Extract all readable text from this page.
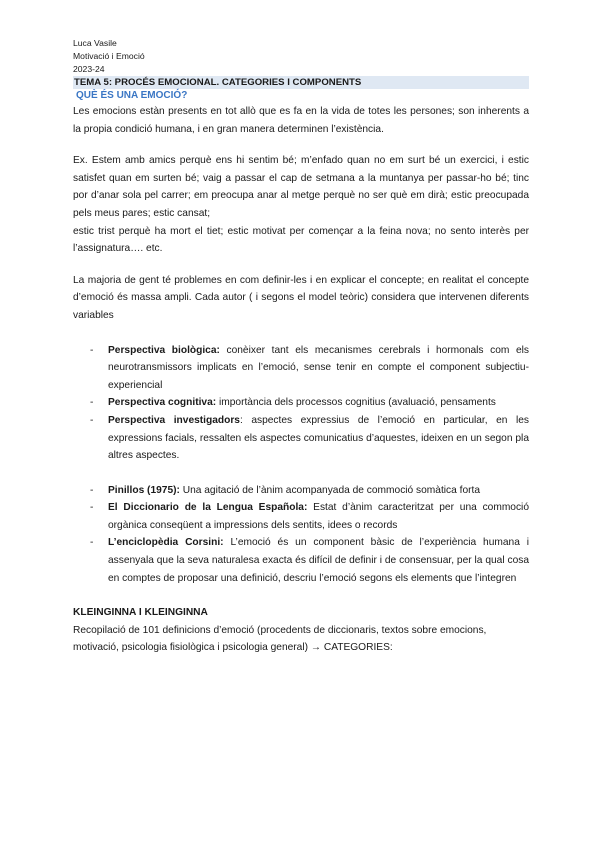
Luca Vasile

Motivació i Emoció

2023-24

TEMA 5: PROCÉS EMOCIONAL. CATEGORIES I COMPONENTS
QUÈ ÉS UNA EMOCIÓ?

Les emocions estàn presents en tot allò que es fa en la vida de totes les persones; son inherents a la propia condició humana, i en gran manera determinen l’existència.

Ex. Estem amb amics perquè ens hi sentim bé; m’enfado quan no em surt bé un exercici, i estic satisfet quan em surten bé; vaig a passar el cap de setmana a la muntanya per passar-ho bé; tinc por d’anar sola pel carrer; em preocupa anar al metge perquè no ser què em dirà; estic preocupada pels meus pares; estic cansat;

estic trist perquè ha mort el tiet; estic motivat per començar a la feina nova; no sento interès per l’assignatura…. etc.

La majoria de gent té problemes en com definir-les i en explicar el concepte; en realitat el concepte d’emoció és massa ampli. Cada autor ( i segons el model teòric) considera que intervenen diferents variables

- Perspectiva biològica: conèixer tant els mecanismes cerebrals i hormonals com els neurotransmissors implicats en l’emoció, sense tenir en compte el component subjectiu-experiencial
- Perspectiva cognitiva: importància dels processos cognitius (avaluació, pensaments
- Perspectiva investigadors: aspectes expressius de l’emoció en particular, en les expressions facials, ressalten els aspectes comunicatius d’aquestes, ideixen en un segon pla altres aspectes.
- Pinillos (1975): Una agitació de l’ànim acompanyada de commoció somàtica forta
- El Diccionario de la Lengua Española: Estat d’ànim caracteritzat per una commoció orgànica conseqüent a impressions dels sentits, idees o records
- L’enciclopèdia Corsini: L’emoció és un component bàsic de l’experiència humana i assenyala que la seva naturalesa exacta és difícil de definir i de consensuar, per la qual cosa en comptes de proposar una definició, descriu l’emoció segons els elements que l’integren

KLEINGINNA I KLEINGINNA

Recopilació de 101 definicions d’emoció (procedents de diccionaris, textos sobre emocions, motivació, psicologia fisiològica i psicologia general) → CATEGORIES:
